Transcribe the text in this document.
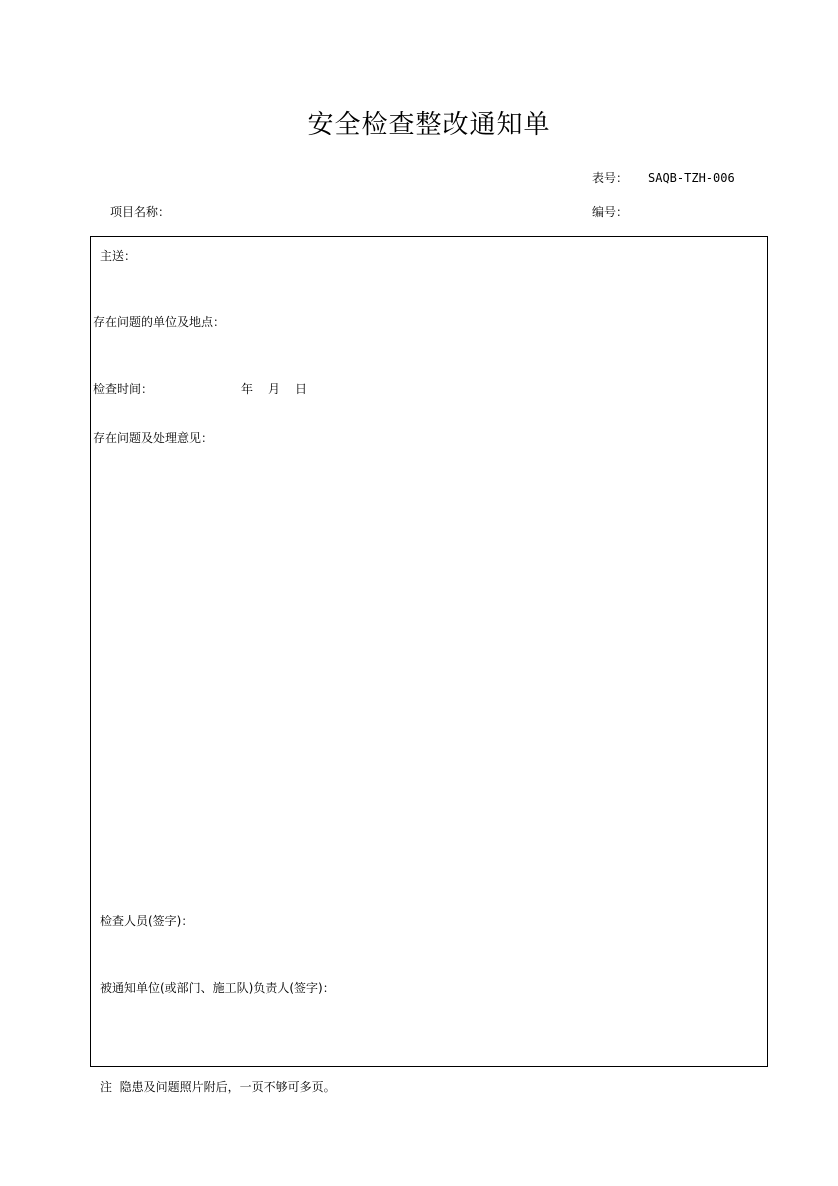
安全检查整改通知单
表号： SAQB-TZH-006
项目名称：	编号：
主送：
存在问题的单位及地点：
检查时间：	年 月 日
存在问题及处理意见：
检查人员(签字)：
被通知单位(或部门、施工队)负责人(签字)：
注  隐患及问题照片附后，一页不够可多页。
